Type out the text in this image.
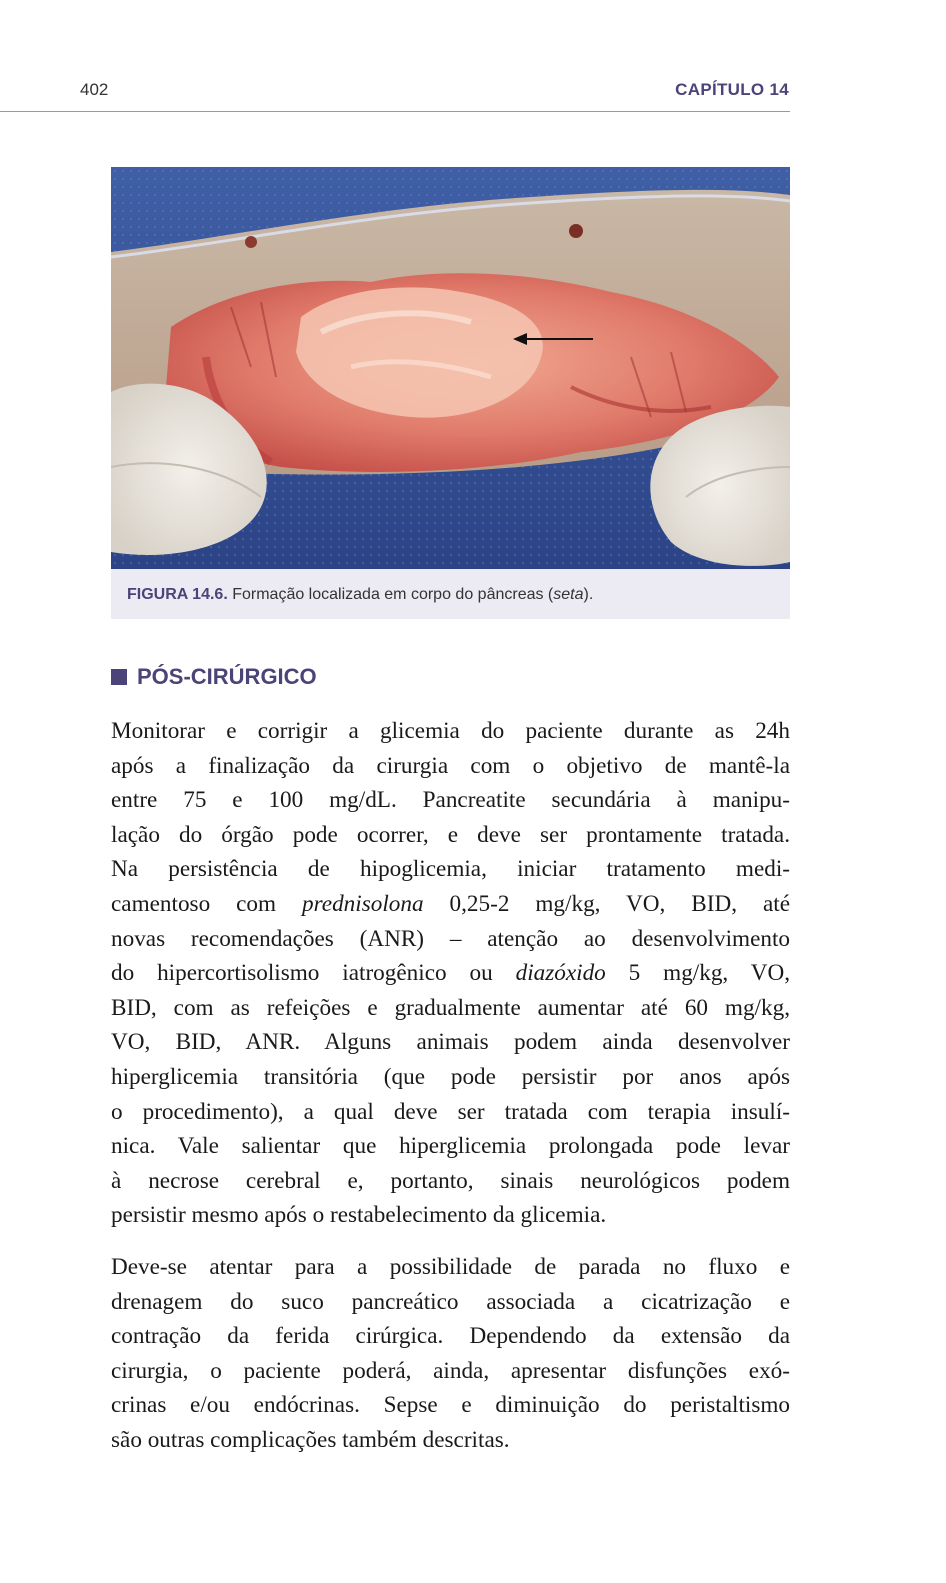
402	CAPÍTULO 14
FIGURA 14.6. Formação localizada em corpo do pâncreas (seta).
PÓS-CIRÚRGICO

Monitorar e corrigir a glicemia do paciente durante as 24h
após a finalização da cirurgia com o objetivo de mantê-la
entre 75 e 100 mg/dL. Pancreatite secundária à manipu-
lação do órgão pode ocorrer, e deve ser prontamente tratada.
Na persistência de hipoglicemia, iniciar tratamento medi-
camentoso com prednisolona 0,25-2 mg/kg, VO, BID, até
novas recomendações (ANR) – atenção ao desenvolvimento
do hipercortisolismo iatrogênico ou diazóxido 5 mg/kg, VO,
BID, com as refeições e gradualmente aumentar até 60 mg/kg,
VO, BID, ANR. Alguns animais podem ainda desenvolver
hiperglicemia transitória (que pode persistir por anos após
o procedimento), a qual deve ser tratada com terapia insulí-
nica. Vale salientar que hiperglicemia prolongada pode levar
à necrose cerebral e, portanto, sinais neurológicos podem
persistir mesmo após o restabelecimento da glicemia.

Deve-se atentar para a possibilidade de parada no fluxo e
drenagem do suco pancreático associada a cicatrização e
contração da ferida cirúrgica. Dependendo da extensão da
cirurgia, o paciente poderá, ainda, apresentar disfunções exó-
crinas e/ou endócrinas. Sepse e diminuição do peristaltismo
são outras complicações também descritas.
